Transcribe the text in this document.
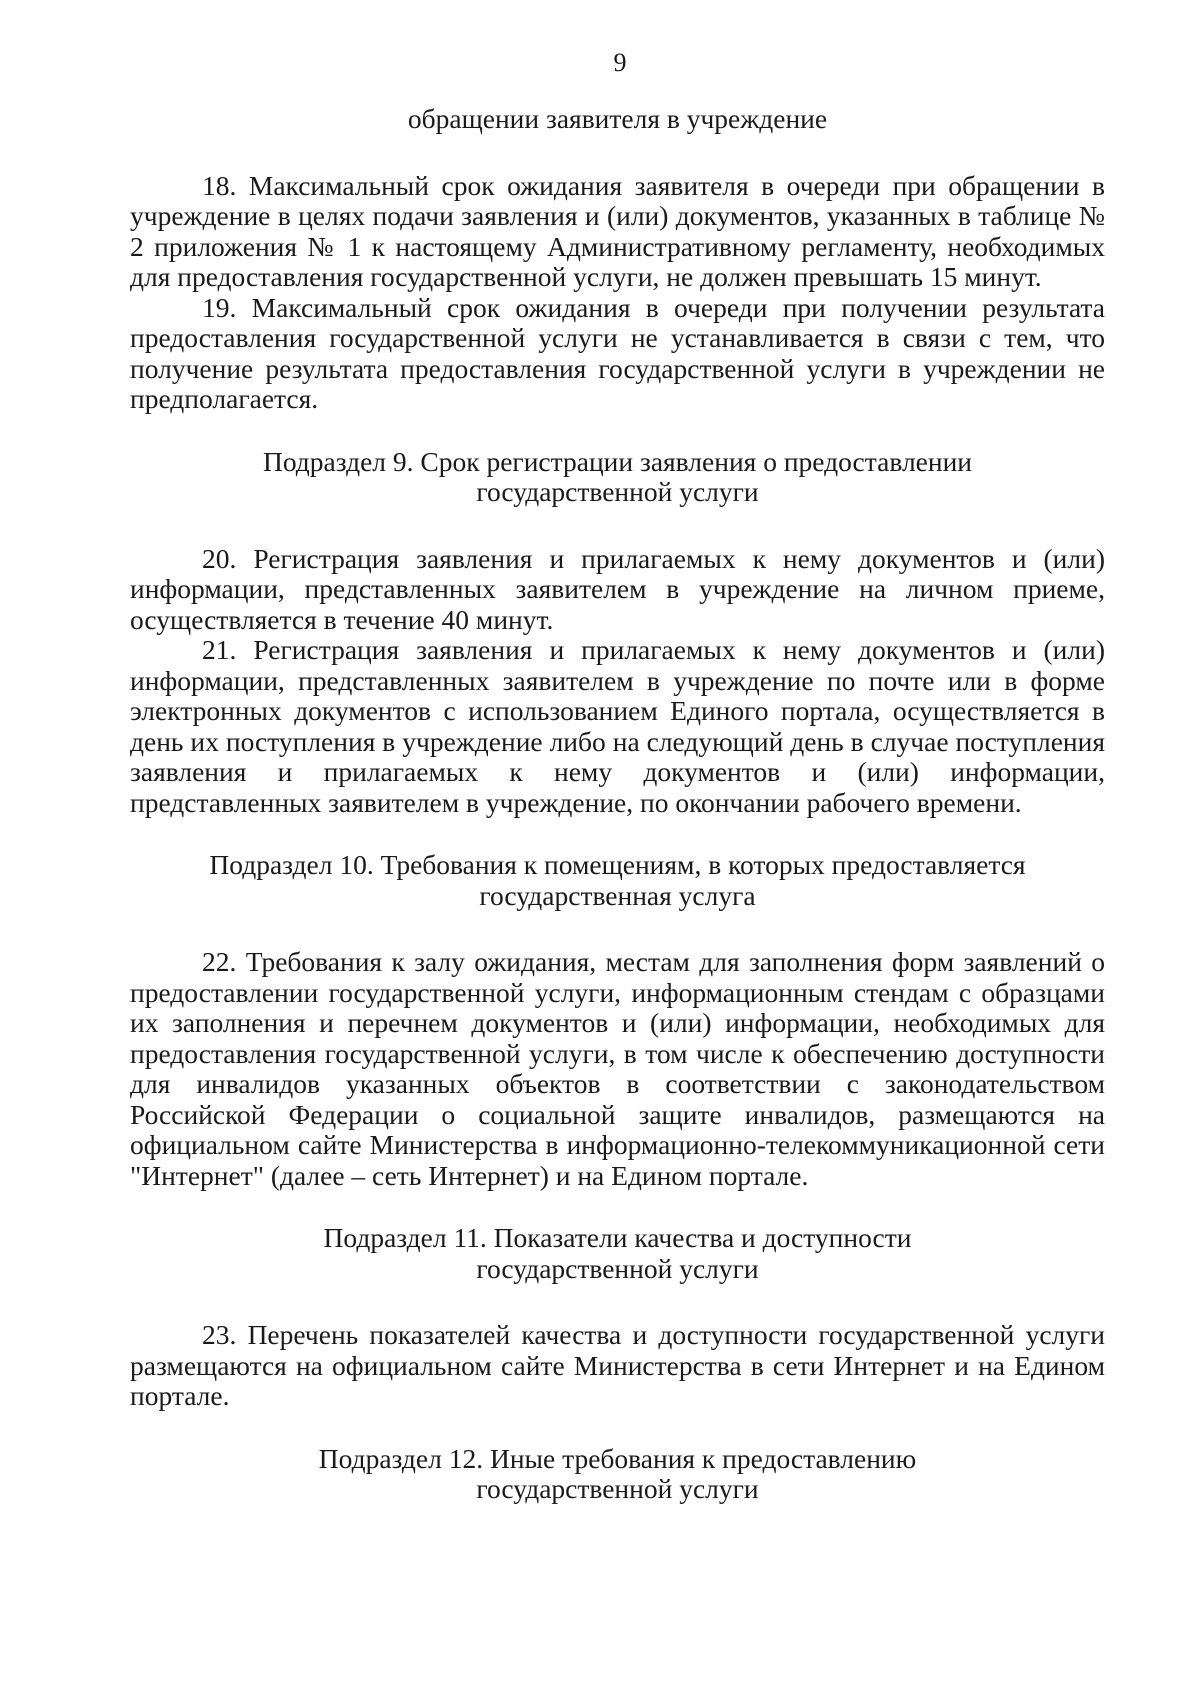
9

обращении заявителя в учреждение

18. Максимальный срок ожидания заявителя в очереди при обращении в учреждение в целях подачи заявления и (или) документов, указанных в таблице № 2 приложения № 1 к настоящему Административному регламенту, необходимых для предоставления государственной услуги, не должен превышать 15 минут.

19. Максимальный срок ожидания в очереди при получении результата предоставления государственной услуги не устанавливается в связи с тем, что получение результата предоставления государственной услуги в учреждении не предполагается.

Подраздел 9. Срок регистрации заявления о предоставлении

государственной услуги

20. Регистрация заявления и прилагаемых к нему документов и (или) информации, представленных заявителем в учреждение на личном приеме, осуществляется в течение 40 минут.

21. Регистрация заявления и прилагаемых к нему документов и (или) информации, представленных заявителем в учреждение по почте или в форме электронных документов с использованием Единого портала, осуществляется в день их поступления в учреждение либо на следующий день в случае поступления заявления и прилагаемых к нему документов и (или) информации, представленных заявителем в учреждение, по окончании рабочего времени.

Подраздел 10. Требования к помещениям, в которых предоставляется

государственная услуга

22. Требования к залу ожидания, местам для заполнения форм заявлений о предоставлении государственной услуги, информационным стендам с образцами их заполнения и перечнем документов и (или) информации, необходимых для предоставления государственной услуги, в том числе к обеспечению доступности для инвалидов указанных объектов в соответствии с законодательством Российской Федерации о социальной защите инвалидов, размещаются на официальном сайте Министерства в информационно-телекоммуникационной сети "Интернет" (далее – сеть Интернет) и на Едином портале.

Подраздел 11. Показатели качества и доступности

государственной услуги

23. Перечень показателей качества и доступности государственной услуги размещаются на официальном сайте Министерства в сети Интернет и на Едином портале.

Подраздел 12. Иные требования к предоставлению

государственной услуги
